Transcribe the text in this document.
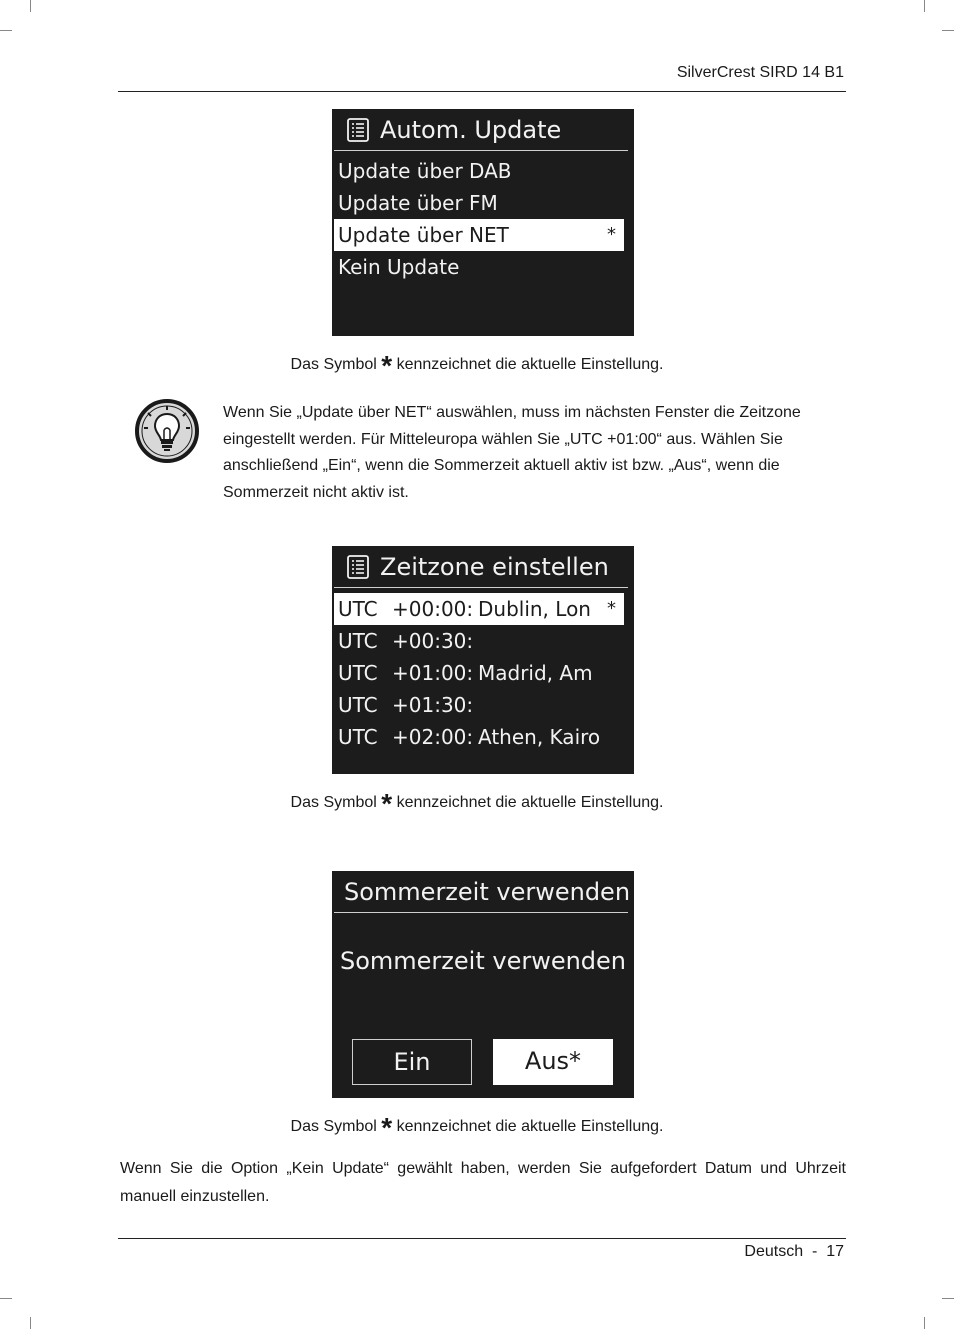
SilverCrest SIRD 14 B1
Autom. Update
Update über DAB
Update über FM
Update über NET	*
Kein Update
Das Symbol * kennzeichnet die aktuelle Einstellung.
Wenn Sie „Update über NET“ auswählen, muss im nächsten Fenster die Zeitzone eingestellt werden. Für Mitteleuropa wählen Sie „UTC +01:00“ aus. Wählen Sie anschließend „Ein“, wenn die Sommerzeit aktuell aktiv ist bzw. „Aus“, wenn die Sommerzeit nicht aktiv ist.
Zeitzone einstellen
UTC +00:00: Dublin, Lon *
UTC +00:30:
UTC +01:00: Madrid, Am
UTC +01:30:
UTC +02:00: Athen, Kairo
Das Symbol * kennzeichnet die aktuelle Einstellung.
Sommerzeit verwenden
Sommerzeit verwenden
Ein	Aus*
Das Symbol * kennzeichnet die aktuelle Einstellung.
Wenn Sie die Option „Kein Update“ gewählt haben, werden Sie aufgefordert Datum und Uhrzeit manuell einzustellen.
Deutsch - 17
